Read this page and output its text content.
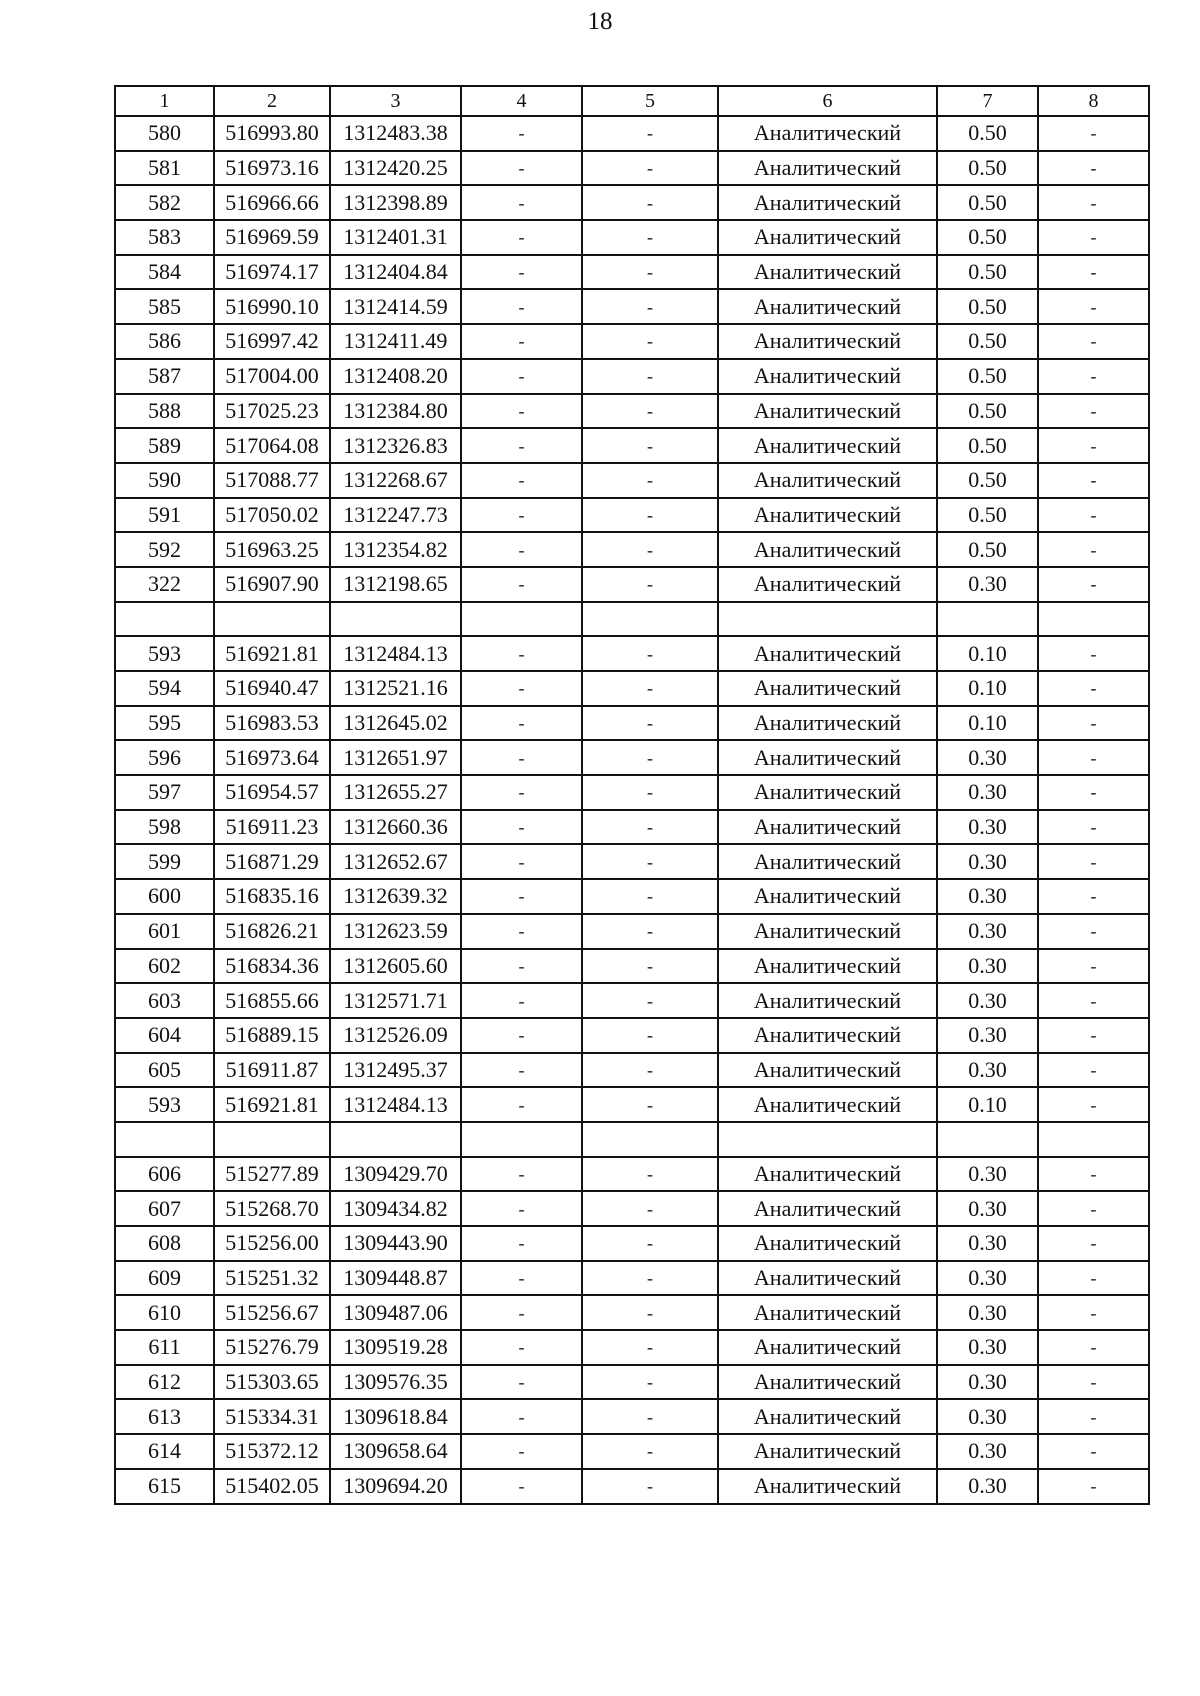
18
1	2	3	4	5	6	7	8
580	516993.80	1312483.38	-	-	Аналитический	0.50	-
581	516973.16	1312420.25	-	-	Аналитический	0.50	-
582	516966.66	1312398.89	-	-	Аналитический	0.50	-
583	516969.59	1312401.31	-	-	Аналитический	0.50	-
584	516974.17	1312404.84	-	-	Аналитический	0.50	-
585	516990.10	1312414.59	-	-	Аналитический	0.50	-
586	516997.42	1312411.49	-	-	Аналитический	0.50	-
587	517004.00	1312408.20	-	-	Аналитический	0.50	-
588	517025.23	1312384.80	-	-	Аналитический	0.50	-
589	517064.08	1312326.83	-	-	Аналитический	0.50	-
590	517088.77	1312268.67	-	-	Аналитический	0.50	-
591	517050.02	1312247.73	-	-	Аналитический	0.50	-
592	516963.25	1312354.82	-	-	Аналитический	0.50	-
322	516907.90	1312198.65	-	-	Аналитический	0.30	-

593	516921.81	1312484.13	-	-	Аналитический	0.10	-
594	516940.47	1312521.16	-	-	Аналитический	0.10	-
595	516983.53	1312645.02	-	-	Аналитический	0.10	-
596	516973.64	1312651.97	-	-	Аналитический	0.30	-
597	516954.57	1312655.27	-	-	Аналитический	0.30	-
598	516911.23	1312660.36	-	-	Аналитический	0.30	-
599	516871.29	1312652.67	-	-	Аналитический	0.30	-
600	516835.16	1312639.32	-	-	Аналитический	0.30	-
601	516826.21	1312623.59	-	-	Аналитический	0.30	-
602	516834.36	1312605.60	-	-	Аналитический	0.30	-
603	516855.66	1312571.71	-	-	Аналитический	0.30	-
604	516889.15	1312526.09	-	-	Аналитический	0.30	-
605	516911.87	1312495.37	-	-	Аналитический	0.30	-
593	516921.81	1312484.13	-	-	Аналитический	0.10	-

606	515277.89	1309429.70	-	-	Аналитический	0.30	-
607	515268.70	1309434.82	-	-	Аналитический	0.30	-
608	515256.00	1309443.90	-	-	Аналитический	0.30	-
609	515251.32	1309448.87	-	-	Аналитический	0.30	-
610	515256.67	1309487.06	-	-	Аналитический	0.30	-
611	515276.79	1309519.28	-	-	Аналитический	0.30	-
612	515303.65	1309576.35	-	-	Аналитический	0.30	-
613	515334.31	1309618.84	-	-	Аналитический	0.30	-
614	515372.12	1309658.64	-	-	Аналитический	0.30	-
615	515402.05	1309694.20	-	-	Аналитический	0.30	-
